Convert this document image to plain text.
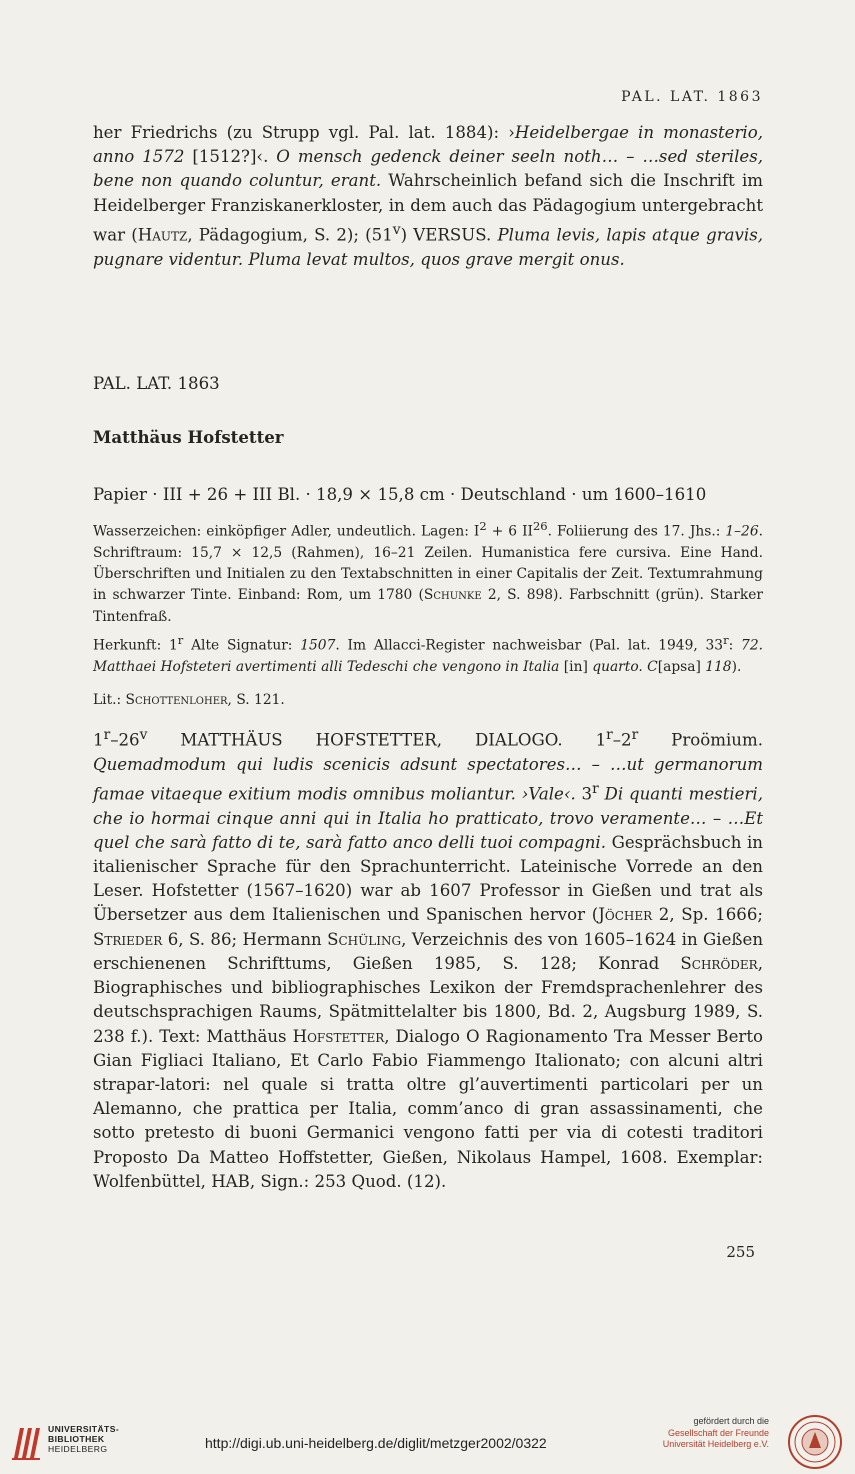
PAL. LAT. 1863
her Friedrichs (zu Strupp vgl. Pal. lat. 1884): ›Heidelbergae in monasterio, anno 1572 [1512?]‹. O mensch gedenck deiner seeln noth… – …sed steriles, bene non quando coluntur, erant. Wahrscheinlich befand sich die Inschrift im Heidelberger Franziskanerkloster, in dem auch das Pädagogium untergebracht war (Hautz, Pädagogium, S. 2); (51$^v$) VERSUS. Pluma levis, lapis atque gravis, pugnare videntur. Pluma levat multos, quos grave mergit onus.
PAL. LAT. 1863
Matthäus Hofstetter
Papier · III + 26 + III Bl. · 18,9 × 15,8 cm · Deutschland · um 1600–1610
Wasserzeichen: einköpfiger Adler, undeutlich. Lagen: $I^2 + 6$ II$^{26}$. Foliierung des 17. Jhs.: 1–26. Schriftraum: 15,7 × 12,5 (Rahmen), 16–21 Zeilen. Humanistica fere cursiva. Eine Hand. Überschriften und Initialen zu den Textabschnitten in einer Capitalis der Zeit. Textumrahmung in schwarzer Tinte. Einband: Rom, um 1780 (Schunke 2, S. 898). Farbschnitt (grün). Starker Tintenfraß.
Herkunft: 1$^r$ Alte Signatur: 1507. Im Allacci-Register nachweisbar (Pal. lat. 1949, 33$^r$: 72. Matthaei Hofsteteri avertimenti alli Tedeschi che vengono in Italia [in] quarto. C[apsa] 118).
Lit.: Schottenloher, S. 121.
1$^r$–26$^v$ MATTHÄUS HOFSTETTER, DIALOGO. 1$^r$–2$^r$ Proömium. Quemadmodum qui ludis scenicis adsunt spectatores… – …ut germanorum famae vitaeque exitium modis omnibus moliantur. ›Vale‹. 3$^r$ Di quanti mestieri, che io hormai cinque anni qui in Italia ho pratticato, trovo veramente… – …Et quel che sarà fatto di te, sarà fatto anco delli tuoi compagni. Gesprächsbuch in italienischer Sprache für den Sprachunterricht. Lateinische Vorrede an den Leser. Hofstetter (1567–1620) war ab 1607 Professor in Gießen und trat als Übersetzer aus dem Italienischen und Spanischen hervor (Jöcher 2, Sp. 1666; Strieder 6, S. 86; Hermann Schüling, Verzeichnis des von 1605–1624 in Gießen erschienenen Schrifttums, Gießen 1985, S. 128; Konrad Schröder, Biographisches und bibliographisches Lexikon der Fremdsprachenlehrer des deutschsprachigen Raums, Spätmittelalter bis 1800, Bd. 2, Augsburg 1989, S. 238 f.). Text: Matthäus Hofstetter, Dialogo O Ragionamento Tra Messer Berto Gian Figliaci Italiano, Et Carlo Fabio Fiammengo Italionato; con alcuni altri strapar-latori: nel quale si tratta oltre gl’auvertimenti particolari per un Alemanno, che prattica per Italia, comm’anco di gran assassinamenti, che sotto pretesto di buoni Germanici vengono fatti per via di cotesti traditori Proposto Da Matteo Hoffstetter, Gießen, Nikolaus Hampel, 1608. Exemplar: Wolfenbüttel, HAB, Sign.: 253 Quod. (12).
255
UNIVERSITÄTS-
BIBLIOTHEK
HEIDELBERG	http://digi.ub.uni-heidelberg.de/diglit/metzger2002/0322
gefördert durch die
Gesellschaft der Freunde
Universität Heidelberg e.V.
